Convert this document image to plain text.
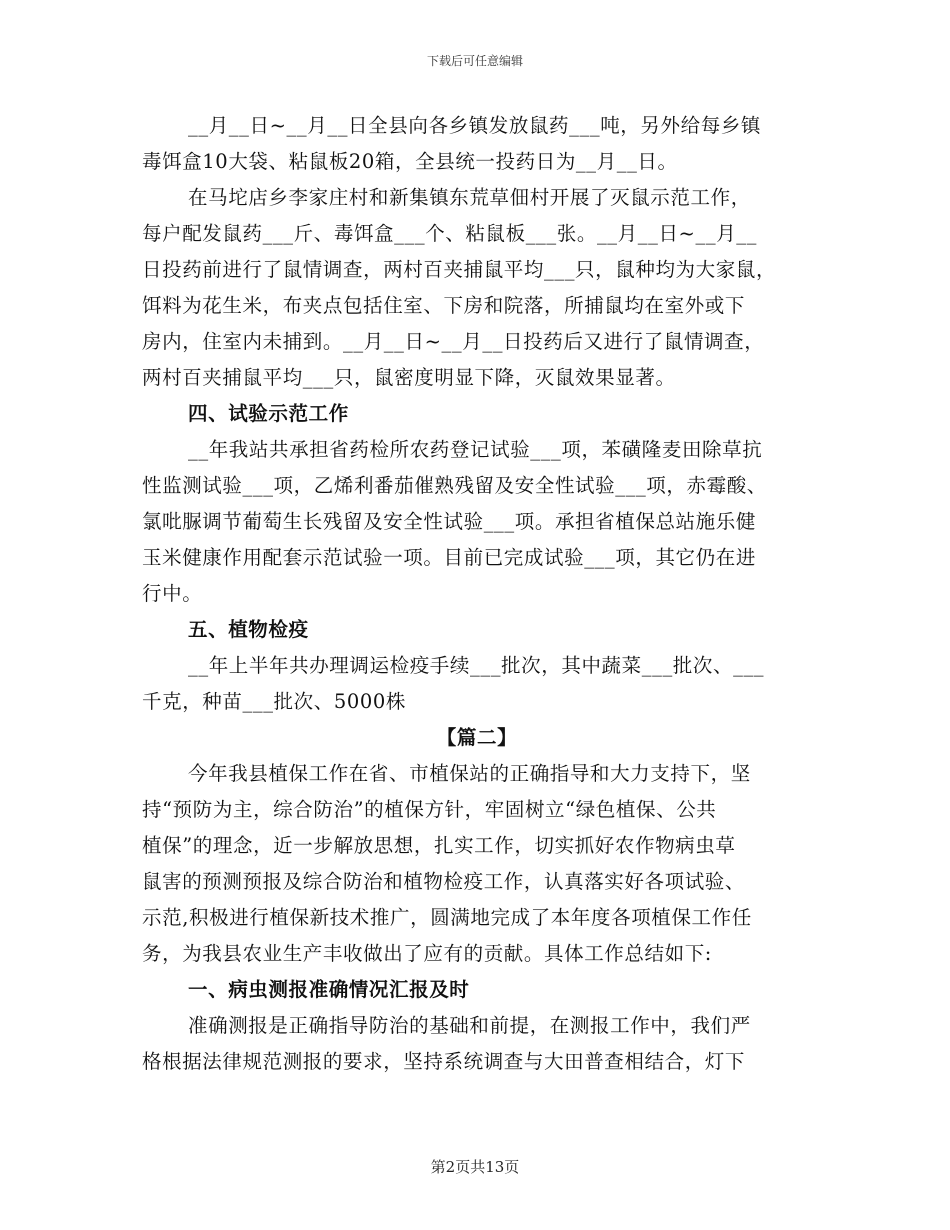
下载后可任意编辑
__月__日~__月__日全县向各乡镇发放鼠药___吨，另外给每乡镇
毒饵盒10大袋、粘鼠板20箱，全县统一投药日为__月__日。
在马坨店乡李家庄村和新集镇东荒草佃村开展了灭鼠示范工作，
每户配发鼠药___斤、毒饵盒___个、粘鼠板___张。__月__日~__月__
日投药前进行了鼠情调查，两村百夹捕鼠平均___只，鼠种均为大家鼠，
饵料为花生米，布夹点包括住室、下房和院落，所捕鼠均在室外或下
房内，住室内未捕到。__月__日~__月__日投药后又进行了鼠情调查，
两村百夹捕鼠平均___只，鼠密度明显下降，灭鼠效果显著。
四、试验示范工作
__年我站共承担省药检所农药登记试验___项，苯磺隆麦田除草抗
性监测试验___项，乙烯利番茄催熟残留及安全性试验___项，赤霉酸、
氯吡脲调节葡萄生长残留及安全性试验___项。承担省植保总站施乐健
玉米健康作用配套示范试验一项。目前已完成试验___项，其它仍在进
行中。
五、植物检疫
__年上半年共办理调运检疫手续___批次，其中蔬菜___批次、___
千克，种苗___批次、5000株
【篇二】
今年我县植保工作在省、市植保站的正确指导和大力支持下，坚
持“预防为主，综合防治”的植保方针，牢固树立“绿色植保、公共
植保”的理念，近一步解放思想，扎实工作，切实抓好农作物病虫草
鼠害的预测预报及综合防治和植物检疫工作，认真落实好各项试验、
示范,积极进行植保新技术推广，圆满地完成了本年度各项植保工作任
务，为我县农业生产丰收做出了应有的贡献。具体工作总结如下:
一、病虫测报准确情况汇报及时
准确测报是正确指导防治的基础和前提，在测报工作中，我们严
格根据法律规范测报的要求，坚持系统调查与大田普查相结合，灯下
第2页共13页
